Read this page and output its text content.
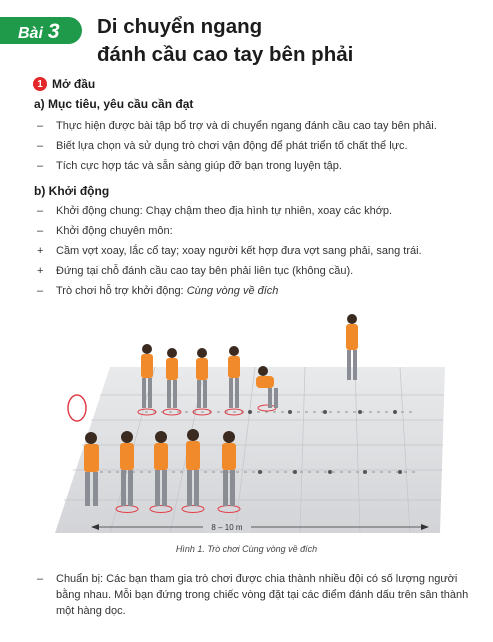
Bài 3 Di chuyển ngang
đánh cầu cao tay bên phải
1 Mở đầu
a) Mục tiêu, yêu cầu cần đạt
– Thực hiện được bài tập bổ trợ và di chuyển ngang đánh cầu cao tay bên phải.
– Biết lựa chọn và sử dụng trò chơi vận động để phát triển tố chất thể lực.
– Tích cực hợp tác và sẵn sàng giúp đỡ bạn trong luyện tập.
b) Khởi động
– Khởi động chung: Chạy chậm theo địa hình tự nhiên, xoay các khớp.
– Khởi động chuyên môn:
+ Cầm vợt xoay, lắc cổ tay; xoay người kết hợp đưa vợt sang phải, sang trái.
+ Đứng tại chỗ đánh cầu cao tay bên phải liên tục (không cầu).
– Trò chơi hỗ trợ khởi động: Cùng vòng về đích
8 – 10 m
Hình 1. Trò chơi Cùng vòng về đích
–	Chuẩn bị: Các bạn tham gia trò chơi được chia thành nhiều đội có số lượng người bằng nhau. Mỗi bạn đứng trong chiếc vòng đặt tại các điểm đánh dấu trên sân thành một hàng dọc.
